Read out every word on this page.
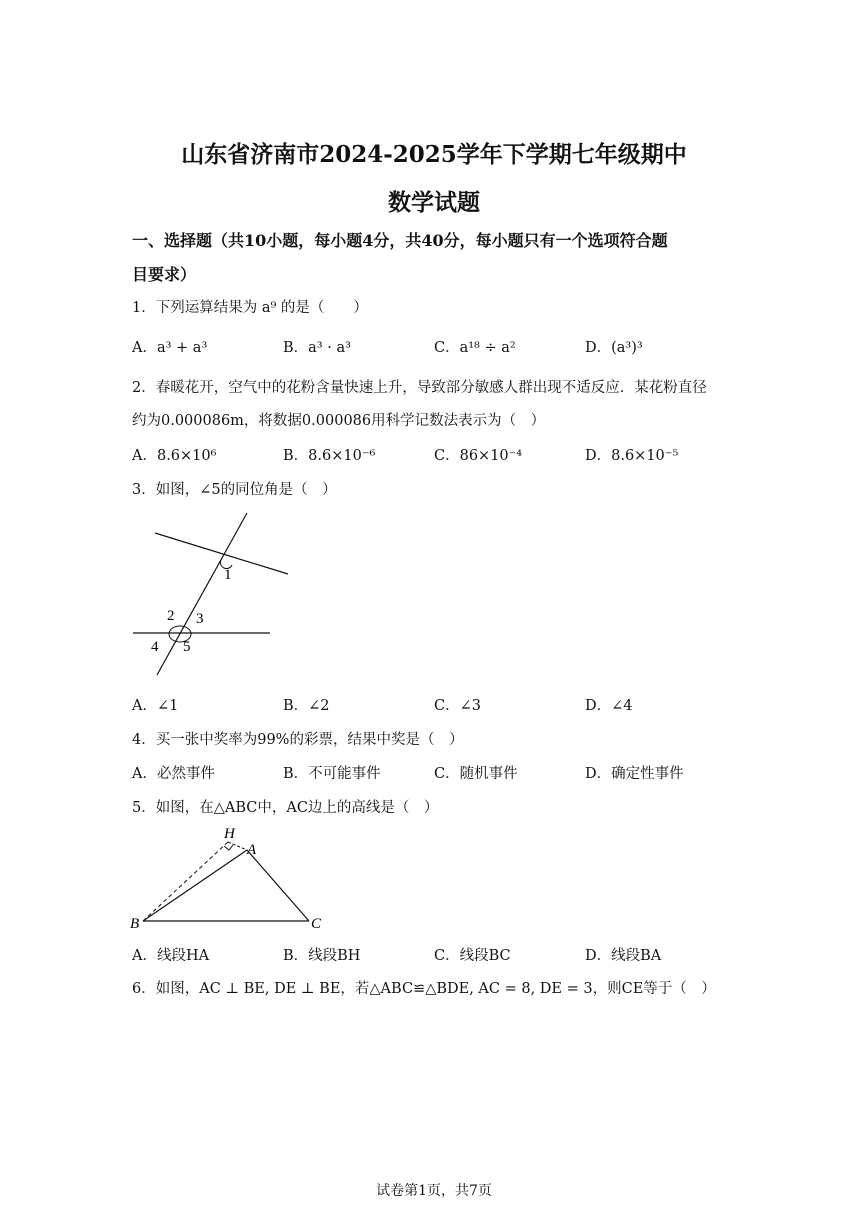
山东省济南市2024-2025学年下学期七年级期中
数学试题
一、选择题（共10小题，每小题4分，共40分，每小题只有一个选项符合题
目要求）
1．下列运算结果为 a⁹ 的是（　　）
A．a³ + a³	B．a³ · a³	C．a¹⁸ ÷ a²	D．(a³)³
2．春暖花开，空气中的花粉含量快速上升，导致部分敏感人群出现不适反应．某花粉直径
约为0.000086m，将数据0.000086用科学记数法表示为（　）
A．8.6×10⁶	B．8.6×10⁻⁶	C．86×10⁻⁴	D．8.6×10⁻⁵
3．如图，∠5的同位角是（　）
1
2 3
4 5
A．∠1	B．∠2	C．∠3	D．∠4
4．买一张中奖率为99%的彩票，结果中奖是（　）
A．必然事件	B．不可能事件	C．随机事件	D．确定性事件
5．如图，在△ABC中，AC边上的高线是（　）
H
A
B	C
A．线段HA	B．线段BH	C．线段BC	D．线段BA
6．如图，AC ⊥ BE, DE ⊥ BE，若△ABC≌△BDE, AC = 8, DE = 3，则CE等于（　）
试卷第1页，共7页
